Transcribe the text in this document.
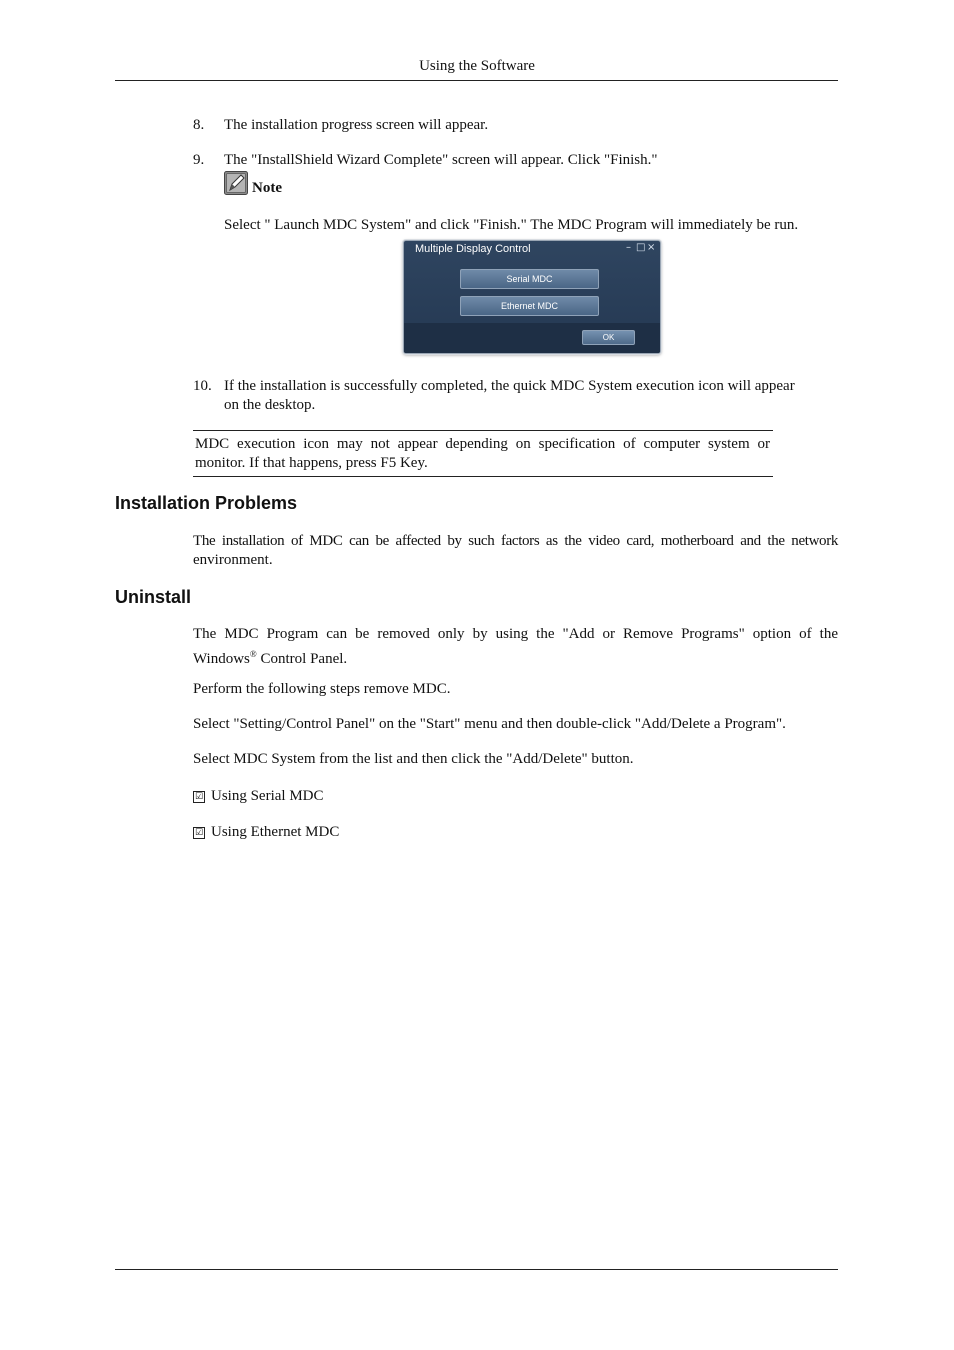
Using the Software
8.	The installation progress screen will appear.
9.	The "InstallShield Wizard Complete" screen will appear. Click "Finish."
Note
Select " Launch MDC System" and click "Finish." The MDC Program will immediately be run.
Multiple Display Control	– □ ×
Serial MDC
Ethernet MDC
OK
10. If the installation is successfully completed, the quick MDC System execution icon will appear
on the desktop.
MDC execution icon may not appear depending on specification of computer system or
monitor. If that happens, press F5 Key.
Installation Problems
The installation of MDC can be affected by such factors as the video card, motherboard and the network
environment.
Uninstall
The MDC Program can be removed only by using the "Add or Remove Programs" option of the
Windows® Control Panel.
Perform the following steps remove MDC.
Select "Setting/Control Panel" on the "Start" menu and then double-click "Add/Delete a Program".
Select MDC System from the list and then click the "Add/Delete" button.
☑ Using Serial MDC
☑ Using Ethernet MDC
